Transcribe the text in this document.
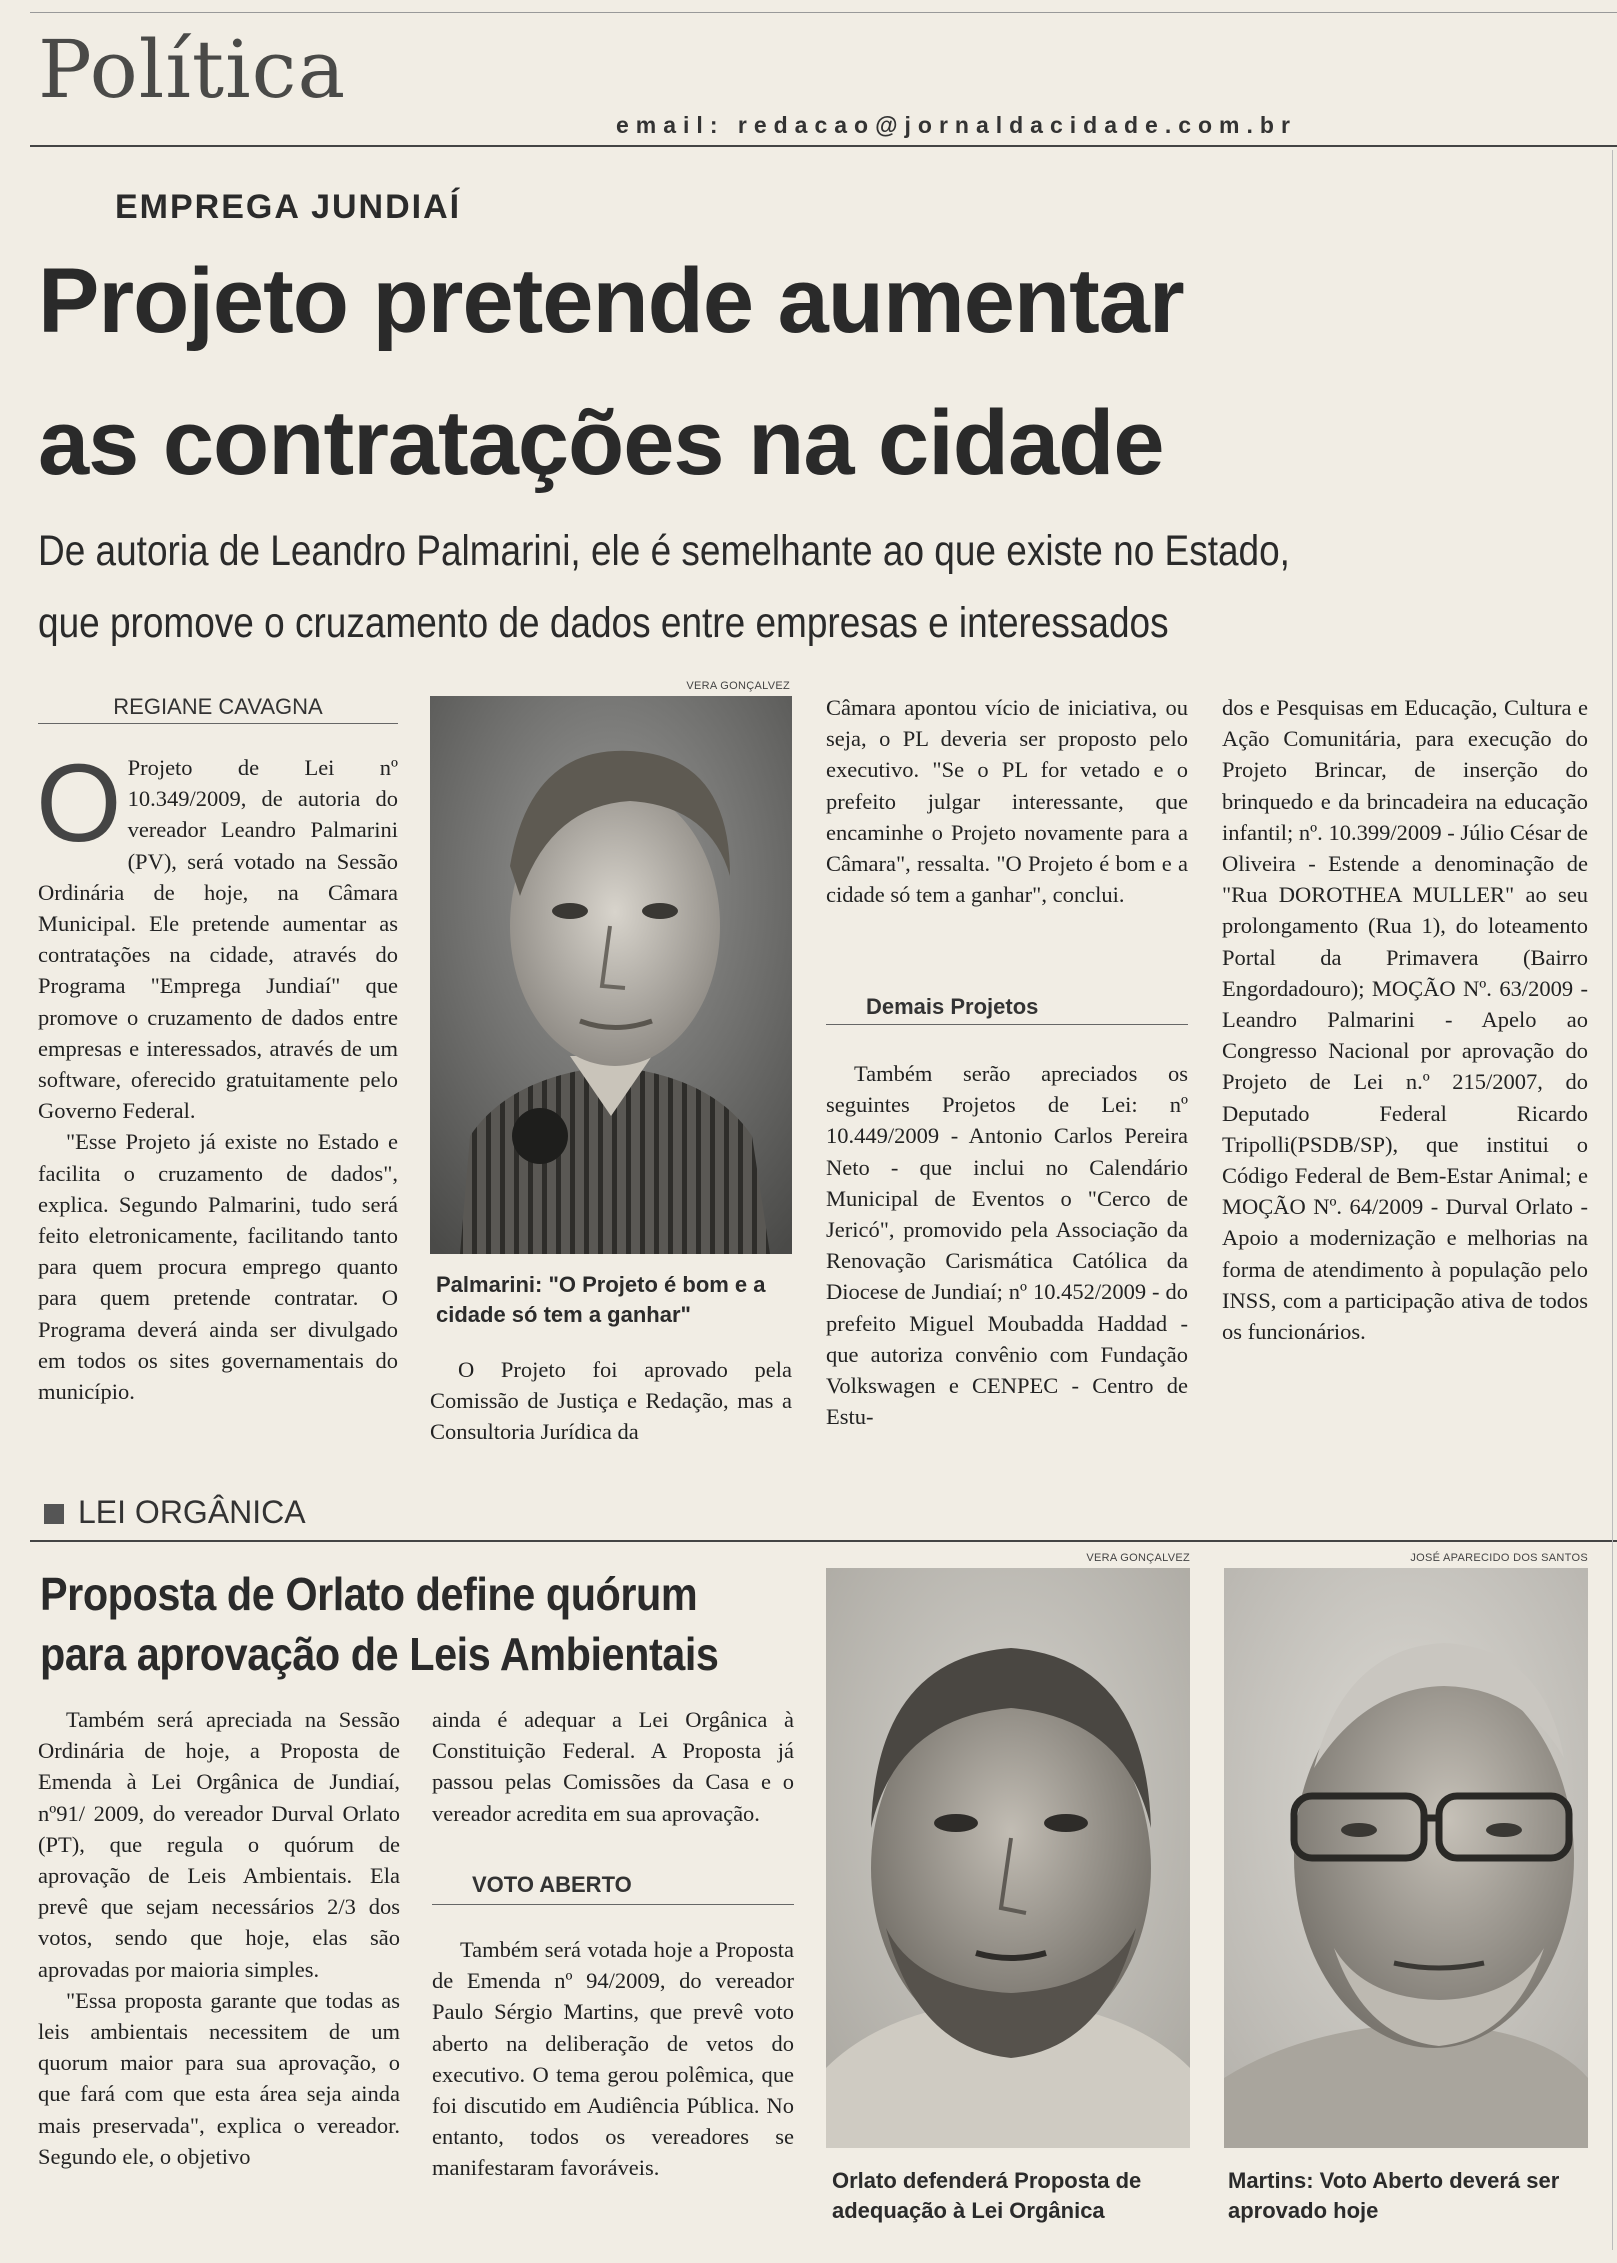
Política
email: redacao@jornaldacidade.com.br
EMPREGA JUNDIAÍ
Projeto pretende aumentar
as contratações na cidade
De autoria de Leandro Palmarini, ele é semelhante ao que existe no Estado,
que promove o cruzamento de dados entre empresas e interessados
REGIANE CAVAGNA
O Projeto de Lei nº 10.349/2009, de autoria do vereador Leandro Palmarini (PV), será votado na Sessão Ordinária de hoje, na Câmara Municipal. Ele pretende aumentar as contratações na cidade, através do Programa "Emprega Jundiaí" que promove o cruzamento de dados entre empresas e interessados, através de um software, oferecido gratuitamente pelo Governo Federal.

"Esse Projeto já existe no Estado e facilita o cruzamento de dados", explica. Segundo Palmarini, tudo será feito eletronicamente, facilitando tanto para quem procura emprego quanto para quem pretende contratar. O Programa deverá ainda ser divulgado em todos os sites governamentais do município.

VERA GONÇALVEZ
Palmarini: "O Projeto é bom e a cidade só tem a ganhar"

O Projeto foi aprovado pela Comissão de Justiça e Redação, mas a Consultoria Jurídica da

Câmara apontou vício de iniciativa, ou seja, o PL deveria ser proposto pelo executivo. "Se o PL for vetado e o prefeito julgar interessante, que encaminhe o Projeto novamente para a Câmara", ressalta. "O Projeto é bom e a cidade só tem a ganhar", conclui.

Demais Projetos

Também serão apreciados os seguintes Projetos de Lei: nº 10.449/2009 - Antonio Carlos Pereira Neto - que inclui no Calendário Municipal de Eventos o "Cerco de Jericó", promovido pela Associação da Renovação Carismática Católica da Diocese de Jundiaí; nº 10.452/2009 - do prefeito Miguel Moubadda Haddad - que autoriza convênio com Fundação Volkswagen e CENPEC - Centro de Estu-

dos e Pesquisas em Educação, Cultura e Ação Comunitária, para execução do Projeto Brincar, de inserção do brinquedo e da brincadeira na educação infantil; nº. 10.399/2009 - Júlio César de Oliveira - Estende a denominação de "Rua DOROTHEA MULLER" ao seu prolongamento (Rua 1), do loteamento Portal da Primavera (Bairro Engordadouro); MOÇÃO Nº. 63/2009 - Leandro Palmarini - Apelo ao Congresso Nacional por aprovação do Projeto de Lei n.º 215/2007, do Deputado Federal Ricardo Tripolli(PSDB/SP), que institui o Código Federal de Bem-Estar Animal; e MOÇÃO Nº. 64/2009 - Durval Orlato - Apoio a modernização e melhorias na forma de atendimento à população pelo INSS, com a participação ativa de todos os funcionários.

LEI ORGÂNICA
Proposta de Orlato define quórum
para aprovação de Leis Ambientais

Também será apreciada na Sessão Ordinária de hoje, a Proposta de Emenda à Lei Orgânica de Jundiaí, nº91/ 2009, do vereador Durval Orlato (PT), que regula o quórum de aprovação de Leis Ambientais. Ela prevê que sejam necessários 2/3 dos votos, sendo que hoje, elas são aprovadas por maioria simples.

"Essa proposta garante que todas as leis ambientais necessitem de um quorum maior para sua aprovação, o que fará com que esta área seja ainda mais preservada", explica o vereador. Segundo ele, o objetivo

ainda é adequar a Lei Orgânica à Constituição Federal. A Proposta já passou pelas Comissões da Casa e o vereador acredita em sua aprovação.

VOTO ABERTO

Também será votada hoje a Proposta de Emenda nº 94/2009, do vereador Paulo Sérgio Martins, que prevê voto aberto na deliberação de vetos do executivo. O tema gerou polêmica, que foi discutido em Audiência Pública. No entanto, todos os vereadores se manifestaram favoráveis.

VERA GONÇALVEZ
Orlato defenderá Proposta de adequação à Lei Orgânica
JOSÉ APARECIDO DOS SANTOS
Martins: Voto Aberto deverá ser aprovado hoje
